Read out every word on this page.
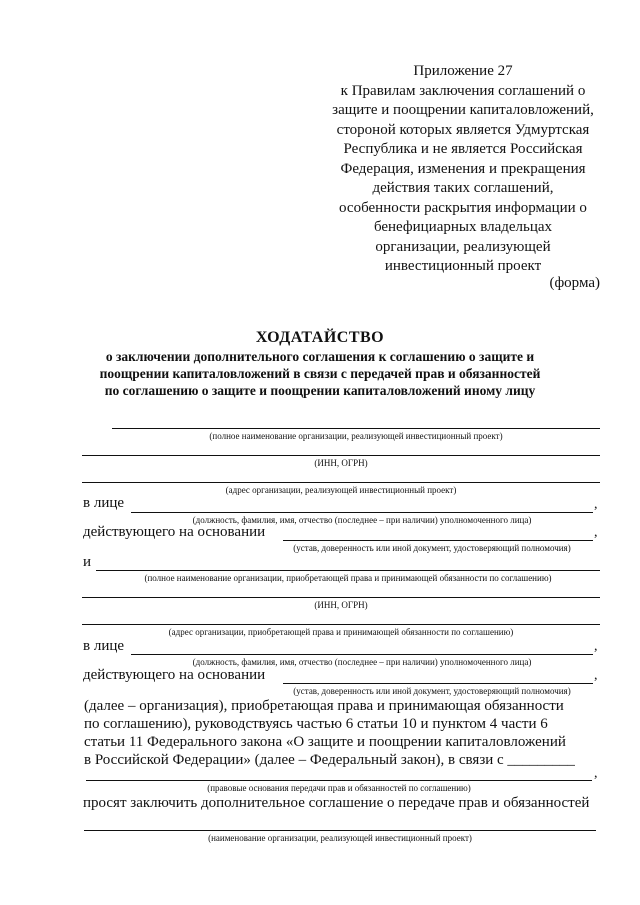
Приложение 27
к Правилам заключения соглашений о
защите и поощрении капиталовложений,
стороной которых является Удмуртская
Республика и не является Российская
Федерация, изменения и прекращения
действия таких соглашений,
особенности раскрытия информации о
бенефициарных владельцах
организации, реализующей
инвестиционный проект
(форма)
ХОДАТАЙСТВО
о заключении дополнительного соглашения к соглашению о защите и
поощрении капиталовложений в связи с передачей прав и обязанностей
по соглашению о защите и поощрении капиталовложений иному лицу
(полное наименование организации, реализующей инвестиционный проект)
(ИНН, ОГРН)
(адрес организации, реализующей инвестиционный проект)
в лице	,
(должность, фамилия, имя, отчество (последнее – при наличии) уполномоченного лица)
действующего на основании	,
(устав, доверенность или иной документ, удостоверяющий полномочия)
и
(полное наименование организации, приобретающей права и принимающей обязанности по соглашению)
(ИНН, ОГРН)
(адрес организации, приобретающей права и принимающей обязанности по соглашению)
в лице	,
(должность, фамилия, имя, отчество (последнее – при наличии) уполномоченного лица)
действующего на основании	,
(устав, доверенность или иной документ, удостоверяющий полномочия)
(далее – организация), приобретающая права и принимающая обязанности
по соглашению), руководствуясь частью 6 статьи 10 и пунктом 4 части 6
статьи 11 Федерального закона «О защите и поощрении капиталовложений
в Российской Федерации» (далее – Федеральный закон), в связи с _________
,
(правовые основания передачи прав и обязанностей по соглашению)
просят заключить дополнительное соглашение о передаче прав и обязанностей
(наименование организации, реализующей инвестиционный проект)
